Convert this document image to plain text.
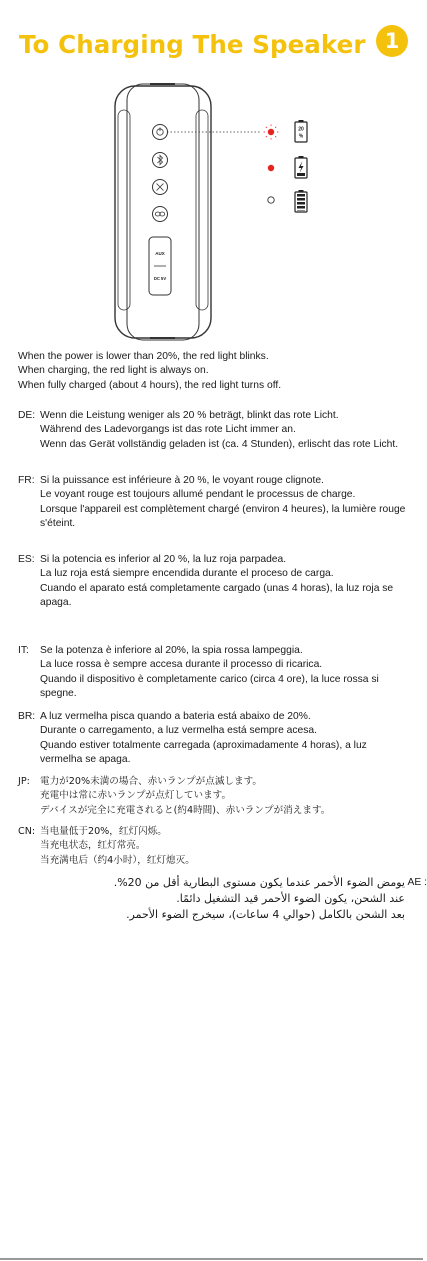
To Charging The Speaker 1
AUX
DC 5V
20
%

When the power is lower than 20%, the red light blinks.

When charging, the red light is always on.

When fully charged (about 4 hours), the red light turns off.

DE: Wenn die Leistung weniger als 20 % beträgt, blinkt das rote Licht.

Während des Ladevorgangs ist das rote Licht immer an.

Wenn das Gerät vollständig geladen ist (ca. 4 Stunden), erlischt das rote Licht.

FR: Si la puissance est inférieure à 20 %, le voyant rouge clignote.

Le voyant rouge est toujours allumé pendant le processus de charge.

Lorsque l'appareil est complètement chargé (environ 4 heures), la lumière rouge s'éteint.

ES: Si la potencia es inferior al 20 %, la luz roja parpadea.

La luz roja está siempre encendida durante el proceso de carga.

Cuando el aparato está completamente cargado (unas 4 horas), la luz roja se apaga.

IT: Se la potenza è inferiore al 20%, la spia rossa lampeggia.

La luce rossa è sempre accesa durante il processo di ricarica.

Quando il dispositivo è completamente carico (circa 4 ore), la luce rossa si spegne.

BR: A luz vermelha pisca quando a bateria está abaixo de 20%.

Durante o carregamento, a luz vermelha está sempre acesa.

Quando estiver totalmente carregada (aproximadamente 4 horas), a luz vermelha se apaga.

JP: 電力が20%未満の場合、赤いランプが点滅します。

充電中は常に赤いランプが点灯しています。

デバイスが完全に充電されると(約4時間)、赤いランプが消えます。

CN: 当电量低于20%，红灯闪烁。

当充电状态，红灯常亮。

当充满电后（约4小时），红灯熄灭。

AE :

يومض الضوء الأحمر عندما يكون مستوى البطارية أقل من 20%.

عند الشحن، يكون الضوء الأحمر قيد التشغيل دائمًا.

بعد الشحن بالكامل (حوالي 4 ساعات)، سيخرج الضوء الأحمر.
